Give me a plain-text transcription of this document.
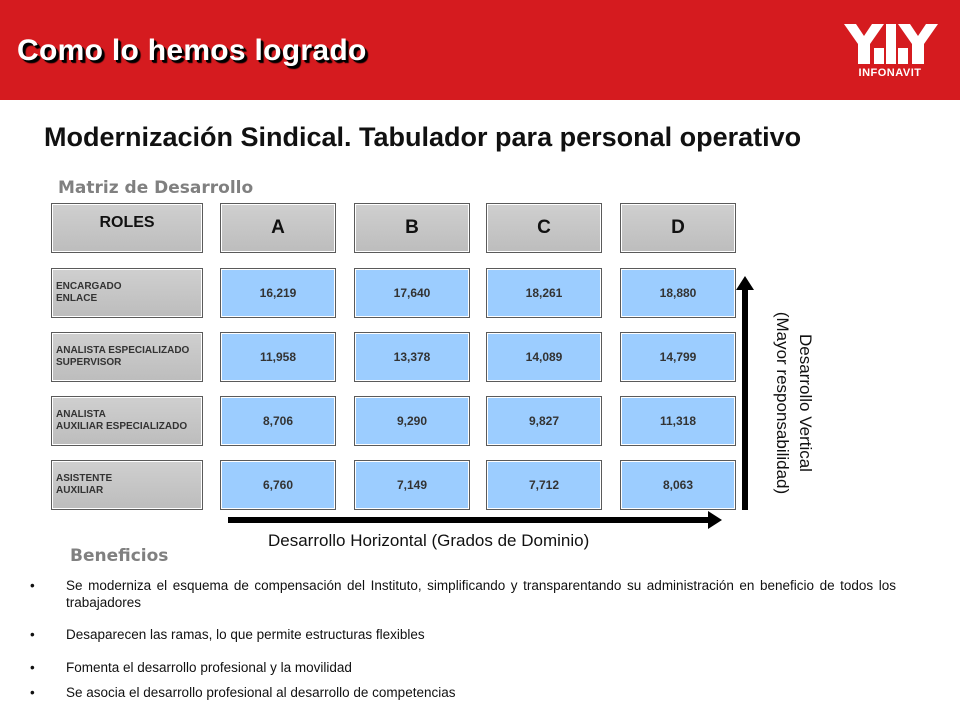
Como lo hemos logrado
INFONAVIT
Modernización Sindical. Tabulador para personal operativo
Matriz de Desarrollo
ROLES	A	B	C	D
ENCARGADO
ENLACE	16,219	17,640	18,261	18,880
ANALISTA ESPECIALIZADO
SUPERVISOR	11,958	13,378	14,089	14,799
ANALISTA
AUXILIAR ESPECIALIZADO	8,706	9,290	9,827	11,318
ASISTENTE
AUXILIAR	6,760	7,149	7,712	8,063
Desarrollo Horizontal (Grados de Dominio)
Desarrollo Vertical
(Mayor responsabilidad)
Beneficios
• Se moderniza el esquema de compensación del Instituto, simplificando y transparentando su administración en beneficio de todos los trabajadores
• Desaparecen las ramas, lo que permite estructuras flexibles
• Fomenta el desarrollo profesional y la movilidad
• Se asocia el desarrollo profesional al desarrollo de competencias
